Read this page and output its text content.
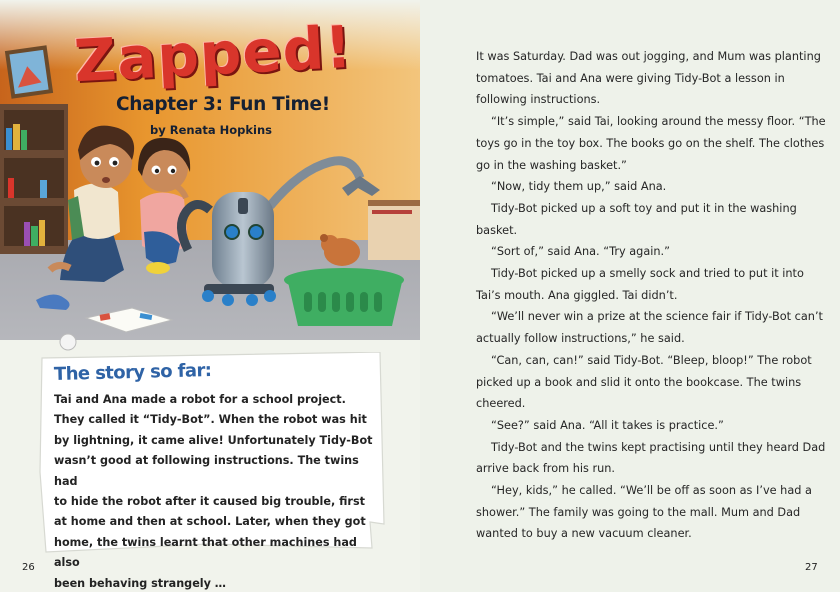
Zapped!
Chapter 3: Fun Time!
by Renata Hopkins
The story so far:
Tai and Ana made a robot for a school project.
They called it “Tidy-Bot”. When the robot was hit
by lightning, it came alive! Unfortunately Tidy-Bot
wasn’t good at following instructions. The twins had
to hide the robot after it caused big trouble, first
at home and then at school. Later, when they got
home, the twins learnt that other machines had also
been behaving strangely …
26

It was Saturday. Dad was out jogging, and Mum was planting tomatoes. Tai and Ana were giving Tidy-Bot a lesson in following instructions.

“It’s simple,” said Tai, looking around the messy floor. “The toys go in the toy box. The books go on the shelf. The clothes go in the washing basket.”

“Now, tidy them up,” said Ana.

Tidy-Bot picked up a soft toy and put it in the washing basket.

“Sort of,” said Ana. “Try again.”

Tidy-Bot picked up a smelly sock and tried to put it into Tai’s mouth. Ana giggled. Tai didn’t.

“We’ll never win a prize at the science fair if Tidy-Bot can’t actually follow instructions,” he said.

“Can, can, can!” said Tidy-Bot. “Bleep, bloop!” The robot picked up a book and slid it onto the bookcase. The twins cheered.

“See?” said Ana. “All it takes is practice.”

Tidy-Bot and the twins kept practising until they heard Dad arrive back from his run.

“Hey, kids,” he called. “We’ll be off as soon as I’ve had a shower.” The family was going to the mall. Mum and Dad wanted to buy a new vacuum cleaner.

27
